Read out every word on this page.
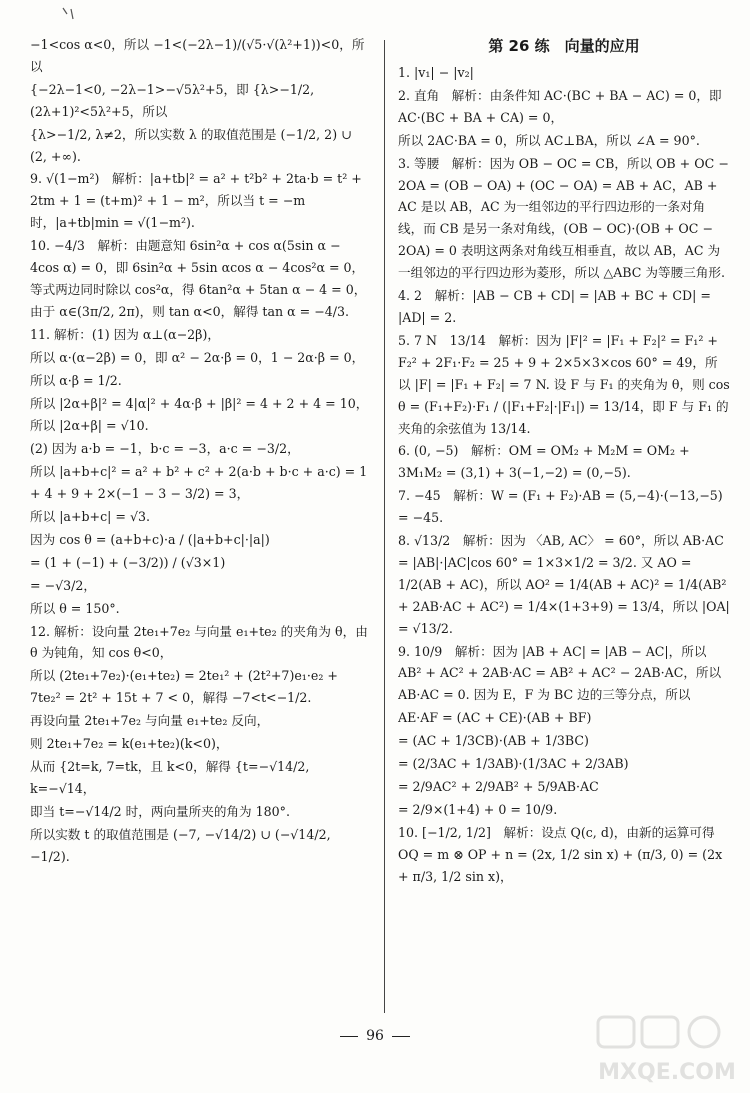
−1<cos α<0，所以 −1<(−2λ−1)/(√5·√(λ²+1))<0，所以

{−2λ−1<0, −2λ−1>−√5λ²+5，即 {λ>−1/2, (2λ+1)²<5λ²+5，所以

{λ>−1/2, λ≠2，所以实数 λ 的取值范围是 (−1/2, 2) ∪ (2, +∞).

9. √(1−m²)　解析：|a+tb|² = a² + t²b² + 2ta·b = t² + 2tm + 1 = (t+m)² + 1 − m²，所以当 t = −m 时，|a+tb|min = √(1−m²).

10. −4/3　解析：由题意知 6sin²α + cos α(5sin α − 4cos α) = 0，即 6sin²α + 5sin αcos α − 4cos²α = 0，等式两边同时除以 cos²α，得 6tan²α + 5tan α − 4 = 0，由于 α∈(3π/2, 2π)，则 tan α<0，解得 tan α = −4/3.

11. 解析：(1) 因为 α⊥(α−2β)，

所以 α·(α−2β) = 0，即 α² − 2α·β = 0，1 − 2α·β = 0，

所以 α·β = 1/2.

所以 |2α+β|² = 4|α|² + 4α·β + |β|² = 4 + 2 + 4 = 10，

所以 |2α+β| = √10.

(2) 因为 a·b = −1，b·c = −3，a·c = −3/2，

所以 |a+b+c|² = a² + b² + c² + 2(a·b + b·c + a·c) = 1 + 4 + 9 + 2×(−1 − 3 − 3/2) = 3，

所以 |a+b+c| = √3.

因为 cos θ = (a+b+c)·a / (|a+b+c|·|a|)

= (1 + (−1) + (−3/2)) / (√3×1)

= −√3/2，

所以 θ = 150°.

12. 解析：设向量 2te₁+7e₂ 与向量 e₁+te₂ 的夹角为 θ，由 θ 为钝角，知 cos θ<0，

所以 (2te₁+7e₂)·(e₁+te₂) = 2te₁² + (2t²+7)e₁·e₂ + 7te₂² = 2t² + 15t + 7 < 0，解得 −7<t<−1/2.

再设向量 2te₁+7e₂ 与向量 e₁+te₂ 反向，

则 2te₁+7e₂ = k(e₁+te₂)(k<0)，

从而 {2t=k, 7=tk，且 k<0，解得 {t=−√14/2, k=−√14，

即当 t=−√14/2 时，两向量所夹的角为 180°.

所以实数 t 的取值范围是 (−7, −√14/2) ∪ (−√14/2, −1/2).

第 26 练　向量的应用

1. |v₁| − |v₂|

2. 直角　解析：由条件知 AC·(BC + BA − AC) = 0，即 AC·(BC + BA + CA) = 0，

所以 2AC·BA = 0，所以 AC⊥BA，所以 ∠A = 90°.

3. 等腰　解析：因为 OB − OC = CB，所以 OB + OC − 2OA = (OB − OA) + (OC − OA) = AB + AC，AB + AC 是以 AB，AC 为一组邻边的平行四边形的一条对角线，而 CB 是另一条对角线，(OB − OC)·(OB + OC − 2OA) = 0 表明这两条对角线互相垂直，故以 AB，AC 为一组邻边的平行四边形为菱形，所以 △ABC 为等腰三角形.

4. 2　解析：|AB − CB + CD| = |AB + BC + CD| = |AD| = 2.

5. 7 N　13/14　解析：因为 |F|² = |F₁ + F₂|² = F₁² + F₂² + 2F₁·F₂ = 25 + 9 + 2×5×3×cos 60° = 49，所以 |F| = |F₁ + F₂| = 7 N. 设 F 与 F₁ 的夹角为 θ，则 cos θ = (F₁+F₂)·F₁ / (|F₁+F₂|·|F₁|) = 13/14，即 F 与 F₁ 的夹角的余弦值为 13/14.

6. (0, −5)　解析：OM = OM₂ + M₂M = OM₂ + 3M₁M₂ = (3,1) + 3(−1,−2) = (0,−5).

7. −45　解析：W = (F₁ + F₂)·AB = (5,−4)·(−13,−5) = −45.

8. √13/2　解析：因为 〈AB, AC〉 = 60°，所以 AB·AC = |AB|·|AC|cos 60° = 1×3×1/2 = 3/2. 又 AO = 1/2(AB + AC)，所以 AO² = 1/4(AB + AC)² = 1/4(AB² + 2AB·AC + AC²) = 1/4×(1+3+9) = 13/4，所以 |OA| = √13/2.

9. 10/9　解析：因为 |AB + AC| = |AB − AC|，所以 AB² + AC² + 2AB·AC = AB² + AC² − 2AB·AC，所以 AB·AC = 0. 因为 E，F 为 BC 边的三等分点，所以

AE·AF = (AC + CE)·(AB + BF)

= (AC + 1/3CB)·(AB + 1/3BC)

= (2/3AC + 1/3AB)·(1/3AC + 2/3AB)

= 2/9AC² + 2/9AB² + 5/9AB·AC

= 2/9×(1+4) + 0 = 10/9.

10. [−1/2, 1/2]　解析：设点 Q(c, d)，由新的运算可得 OQ = m ⊗ OP + n = (2x, 1/2 sin x) + (π/3, 0) = (2x + π/3, 1/2 sin x)，

96
MXQE.COM
